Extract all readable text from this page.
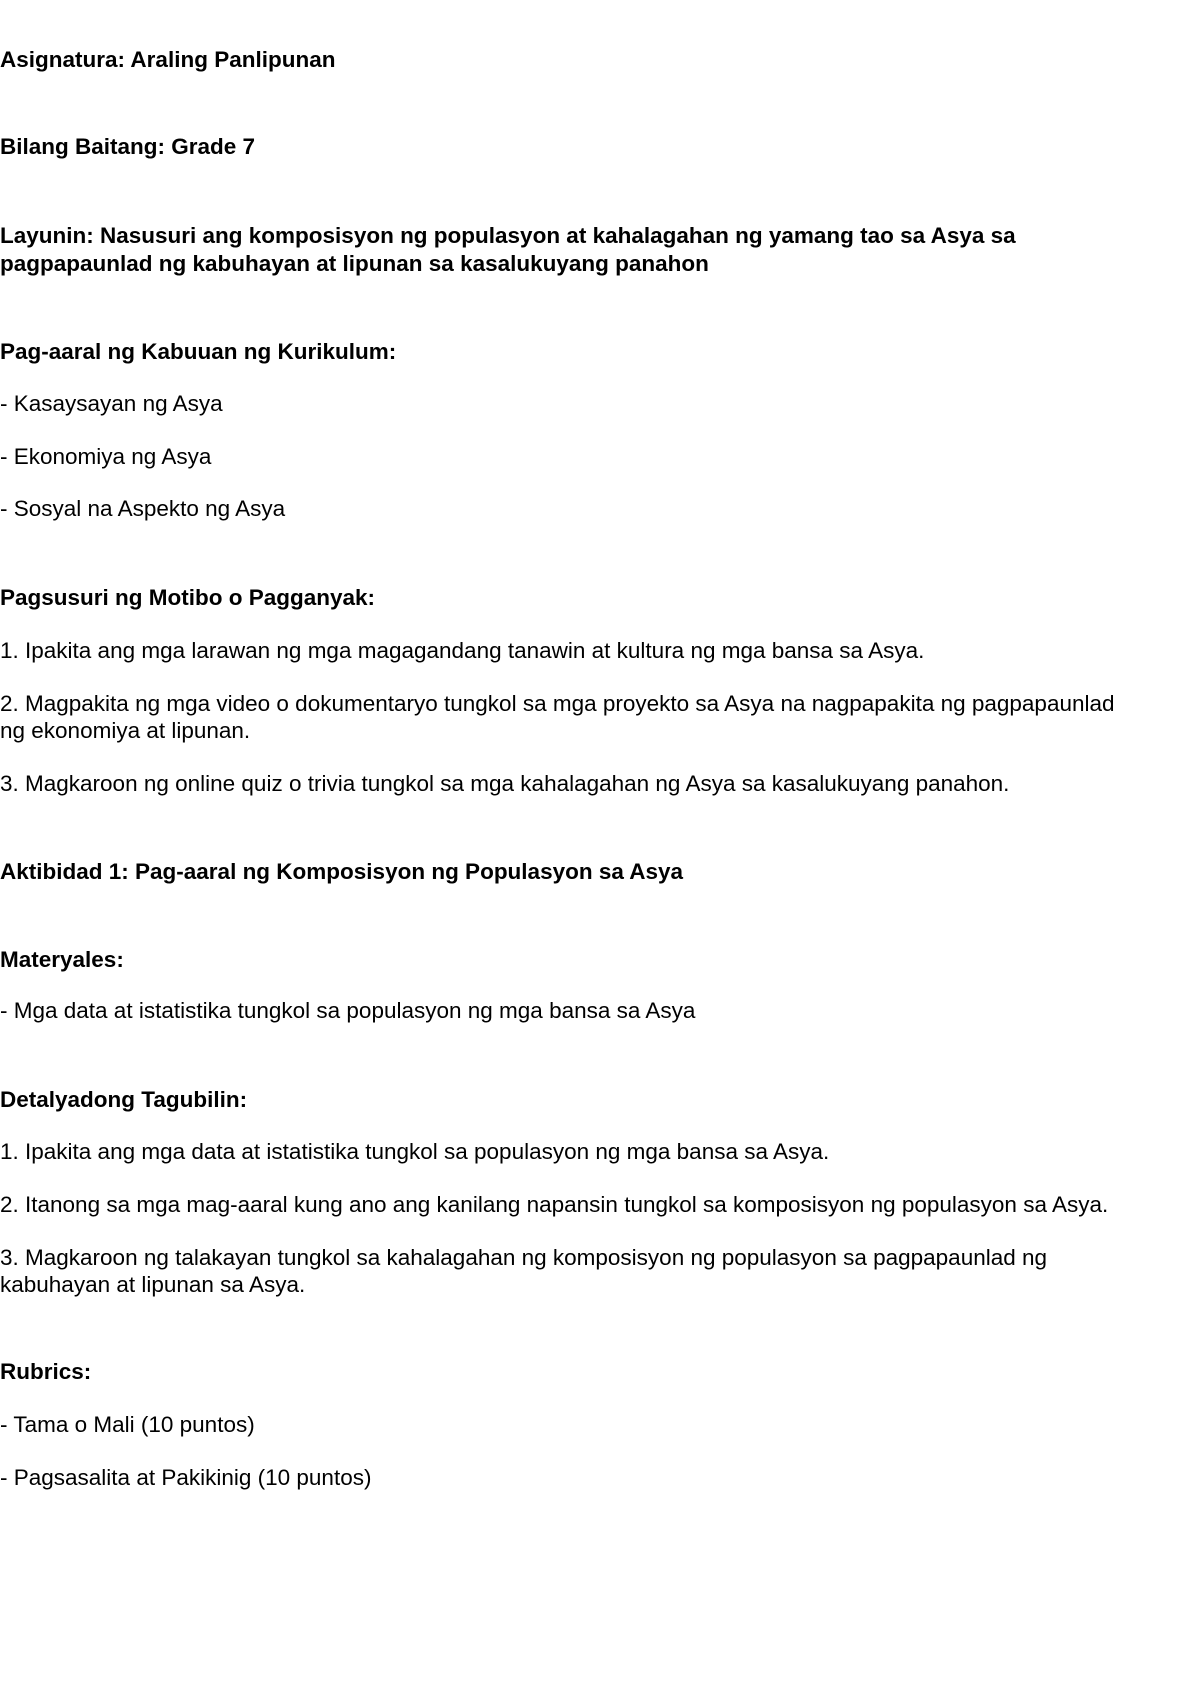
Asignatura: Araling Panlipunan

Bilang Baitang: Grade 7

Layunin: Nasusuri ang komposisyon ng populasyon at kahalagahan ng yamang tao sa Asya sa

pagpapaunlad ng kabuhayan at lipunan sa kasalukuyang panahon

Pag-aaral ng Kabuuan ng Kurikulum:

- Kasaysayan ng Asya

- Ekonomiya ng Asya

- Sosyal na Aspekto ng Asya

Pagsusuri ng Motibo o Pagganyak:

1. Ipakita ang mga larawan ng mga magagandang tanawin at kultura ng mga bansa sa Asya.

2. Magpakita ng mga video o dokumentaryo tungkol sa mga proyekto sa Asya na nagpapakita ng pagpapaunlad

ng ekonomiya at lipunan.

3. Magkaroon ng online quiz o trivia tungkol sa mga kahalagahan ng Asya sa kasalukuyang panahon.

Aktibidad 1: Pag-aaral ng Komposisyon ng Populasyon sa Asya

Materyales:

- Mga data at istatistika tungkol sa populasyon ng mga bansa sa Asya

Detalyadong Tagubilin:

1. Ipakita ang mga data at istatistika tungkol sa populasyon ng mga bansa sa Asya.

2. Itanong sa mga mag-aaral kung ano ang kanilang napansin tungkol sa komposisyon ng populasyon sa Asya.

3. Magkaroon ng talakayan tungkol sa kahalagahan ng komposisyon ng populasyon sa pagpapaunlad ng

kabuhayan at lipunan sa Asya.

Rubrics:

- Tama o Mali (10 puntos)

- Pagsasalita at Pakikinig (10 puntos)
